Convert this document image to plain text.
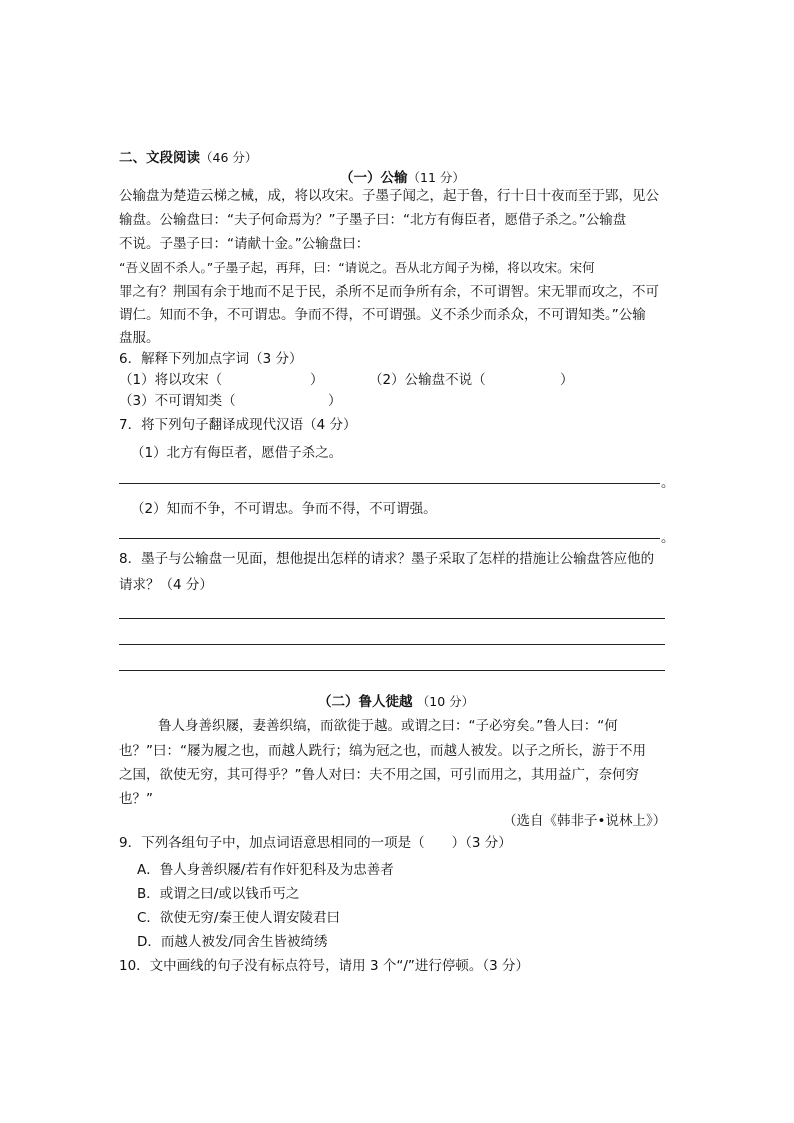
二、文段阅读（46 分）
（一）公输（11 分）
公输盘为楚造云梯之械，成，将以攻宋。子墨子闻之，起于鲁，行十日十夜而至于郢，见公
输盘。公输盘曰：“夫子何命焉为？”子墨子曰：“北方有侮臣者，愿借子杀之。”公输盘
不说。子墨子曰：“请献十金。”公输盘曰：
“吾义固不杀人。”子墨子起，再拜，曰：“请说之。吾从北方闻子为梯，将以攻宋。宋何
罪之有？荆国有余于地而不足于民，杀所不足而争所有余，不可谓智。宋无罪而攻之，不可
谓仁。知而不争，不可谓忠。争而不得，不可谓强。义不杀少而杀众，不可谓知类。”公输
盘服。
6．解释下列加点字词（3 分）
（1）将以攻宋（	）	（2）公输盘不说（	）
（3）不可谓知类（	）
7．将下列句子翻译成现代汉语（4 分）
（1）北方有侮臣者，愿借子杀之。
。
（2）知而不争，不可谓忠。争而不得，不可谓强。
。
8．墨子与公输盘一见面，想他提出怎样的请求？墨子采取了怎样的措施让公输盘答应他的
请求？（4 分）
（二）鲁人徙越 （10 分）
鲁人身善织屦，妻善织缟，而欲徙于越。或谓之曰：“子必穷矣。”鲁人曰：“何
也？”曰：“屦为履之也，而越人跣行；缟为冠之也，而越人被发。以子之所长，游于不用
之国，欲使无穷，其可得乎？”鲁人对曰：夫不用之国，可引而用之，其用益广，奈何穷
也？”
（选自《韩非子•说林上》）
9．下列各组句子中，加点词语意思相同的一项是（　　）（3 分）
A．鲁人身善织屦/若有作奸犯科及为忠善者
B．或谓之曰/或以钱币丐之
C．欲使无穷/秦王使人谓安陵君曰
D．而越人被发/同舍生皆被绮绣
10．文中画线的句子没有标点符号，请用 3 个“/”进行停顿。（3 分）
